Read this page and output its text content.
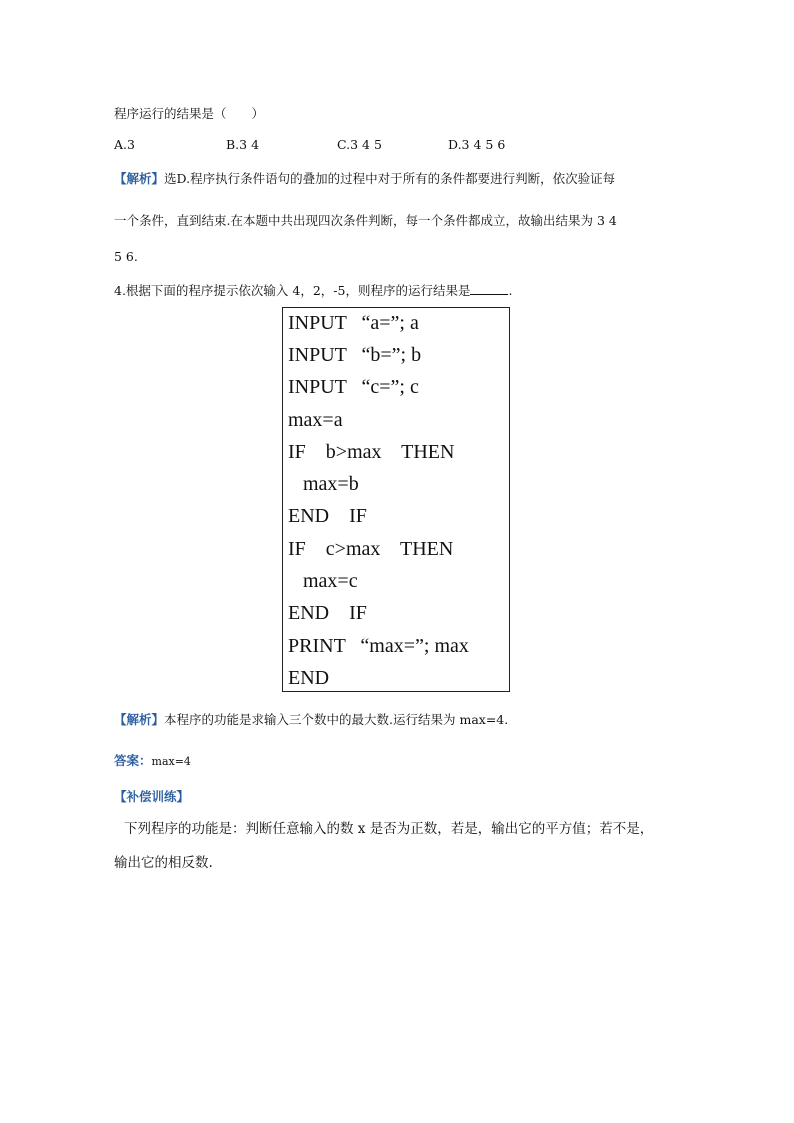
程序运行的结果是（　　）
A.3	B.3 4	C.3 4 5	D.3 4 5 6
【解析】选D.程序执行条件语句的叠加的过程中对于所有的条件都要进行判断，依次验证每
一个条件，直到结束.在本题中共出现四次条件判断，每一个条件都成立，故输出结果为 3 4
5 6.
4.根据下面的程序提示依次输入 4，2，-5，则程序的运行结果是	.
INPUT   “a=”; a
INPUT   “b=”; b
INPUT   “c=”; c
max=a
IF    b>max    THEN
max=b
END    IF
IF    c>max    THEN
max=c
END    IF
PRINT   “max=”; max
END
【解析】本程序的功能是求输入三个数中的最大数.运行结果为 max=4.
答案：max=4
【补偿训练】
下列程序的功能是：判断任意输入的数 x 是否为正数，若是，输出它的平方值；若不是，
输出它的相反数.
